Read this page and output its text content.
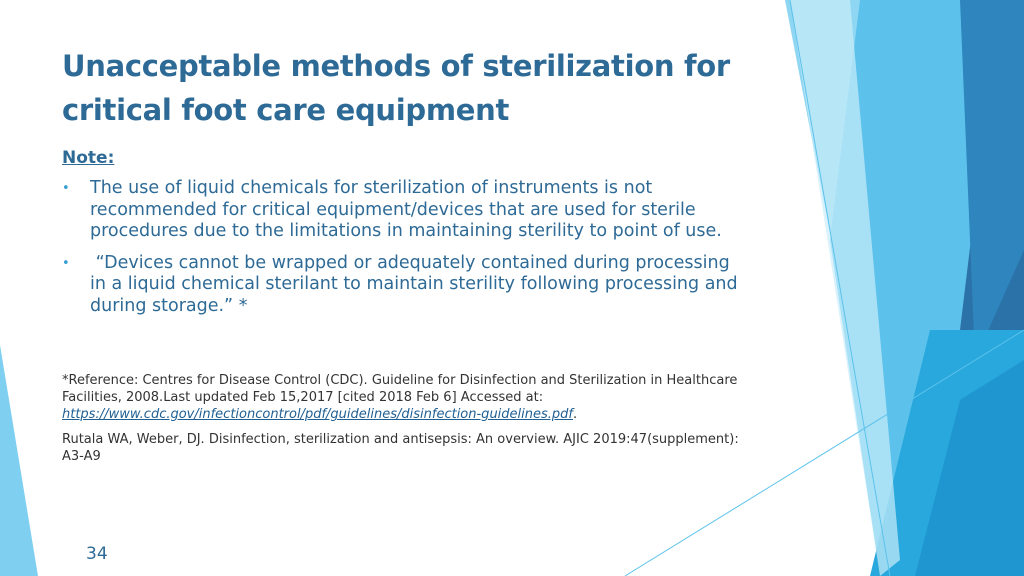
Unacceptable methods of sterilization for critical foot care equipment

Note:

• The use of liquid chemicals for sterilization of instruments is not recommended for critical equipment/devices that are used for sterile procedures due to the limitations in maintaining sterility to point of use.
• “Devices cannot be wrapped or adequately contained during processing in a liquid chemical sterilant to maintain sterility following processing and during storage.” *

*Reference: Centres for Disease Control (CDC). Guideline for Disinfection and Sterilization in Healthcare Facilities, 2008.Last updated Feb 15,2017 [cited 2018 Feb 6] Accessed at: https://www.cdc.gov/infectioncontrol/pdf/guidelines/disinfection-guidelines.pdf.

Rutala WA, Weber, DJ. Disinfection, sterilization and antisepsis: An overview. AJIC 2019:47(supplement): A3-A9

34
